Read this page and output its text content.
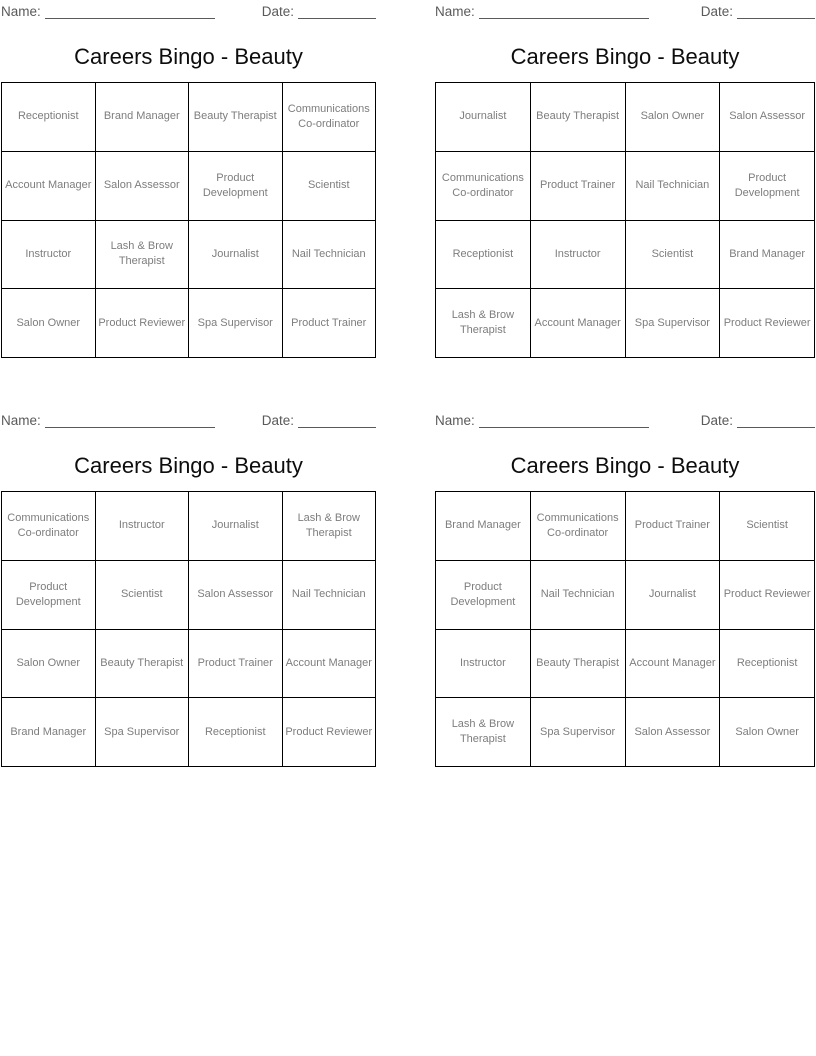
Name:	Date:
Careers Bingo - Beauty
Receptionist	Brand Manager	Beauty Therapist	Communications Co-ordinator
Account Manager	Salon Assessor	Product Development	Scientist
Instructor	Lash & Brow Therapist	Journalist	Nail Technician
Salon Owner	Product Reviewer	Spa Supervisor	Product Trainer
Name:	Date:
Careers Bingo - Beauty
Journalist	Beauty Therapist	Salon Owner	Salon Assessor
Communications Co-ordinator	Product Trainer	Nail Technician	Product Development
Receptionist	Instructor	Scientist	Brand Manager
Lash & Brow Therapist	Account Manager	Spa Supervisor	Product Reviewer
Name:	Date:
Careers Bingo - Beauty
Communications Co-ordinator	Instructor	Journalist	Lash & Brow Therapist
Product Development	Scientist	Salon Assessor	Nail Technician
Salon Owner	Beauty Therapist	Product Trainer	Account Manager
Brand Manager	Spa Supervisor	Receptionist	Product Reviewer
Name:	Date:
Careers Bingo - Beauty
Brand Manager	Communications Co-ordinator	Product Trainer	Scientist
Product Development	Nail Technician	Journalist	Product Reviewer
Instructor	Beauty Therapist	Account Manager	Receptionist
Lash & Brow Therapist	Spa Supervisor	Salon Assessor	Salon Owner
